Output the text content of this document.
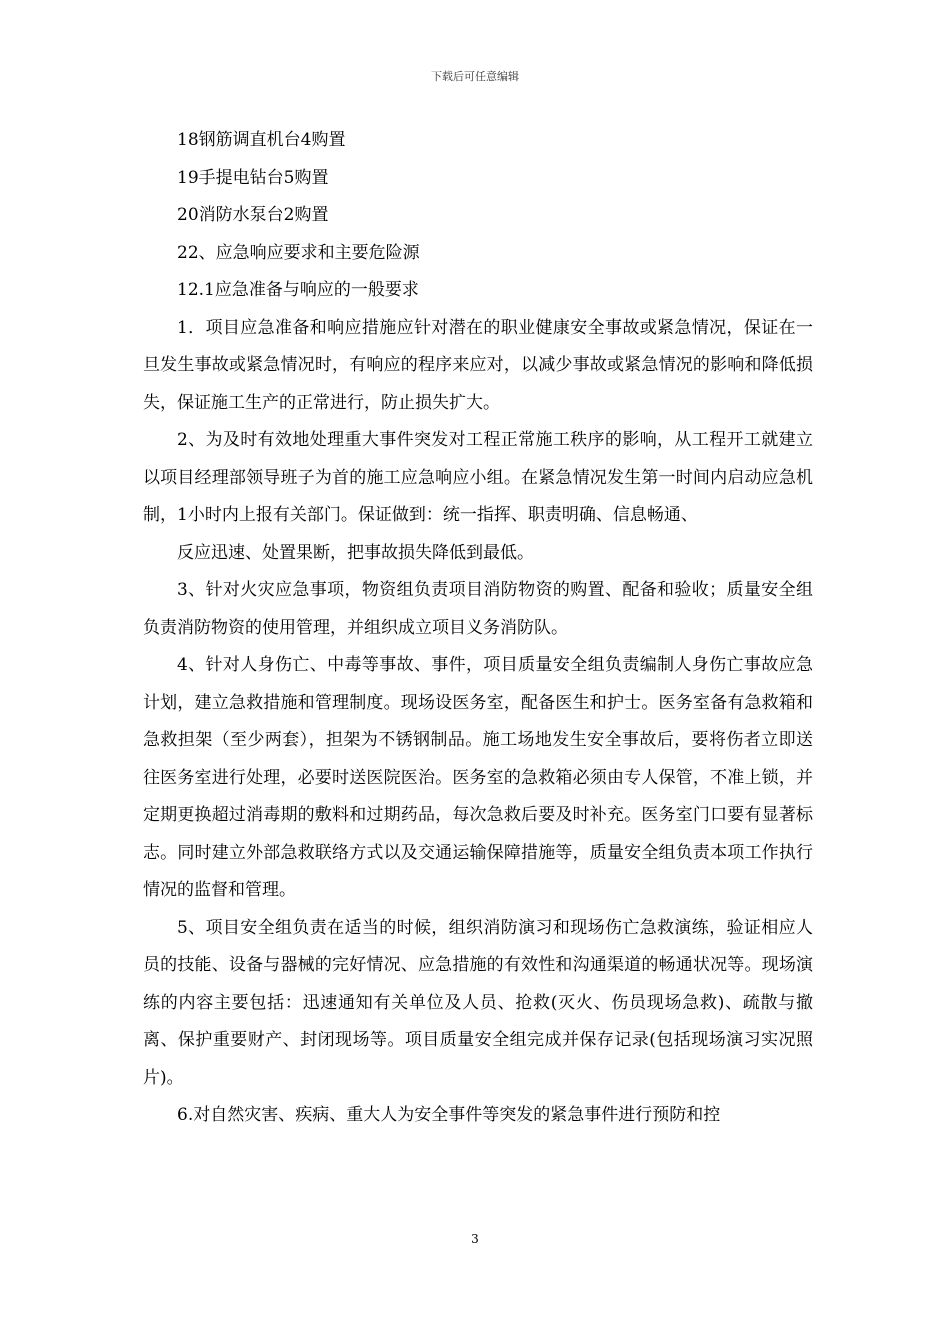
下载后可任意编辑

18钢筋调直机台4购置

19手提电钻台5购置

20消防水泵台2购置

22、应急响应要求和主要危险源

12.1应急准备与响应的一般要求

1．项目应急准备和响应措施应针对潜在的职业健康安全事故或紧急情况，保证在一旦发生事故或紧急情况时，有响应的程序来应对，以减少事故或紧急情况的影响和降低损失，保证施工生产的正常进行，防止损失扩大。

2、为及时有效地处理重大事件突发对工程正常施工秩序的影响，从工程开工就建立以项目经理部领导班子为首的施工应急响应小组。在紧急情况发生第一时间内启动应急机制，1小时内上报有关部门。保证做到：统一指挥、职责明确、信息畅通、

反应迅速、处置果断，把事故损失降低到最低。

3、针对火灾应急事项，物资组负责项目消防物资的购置、配备和验收；质量安全组负责消防物资的使用管理，并组织成立项目义务消防队。

4、针对人身伤亡、中毒等事故、事件，项目质量安全组负责编制人身伤亡事故应急计划，建立急救措施和管理制度。现场设医务室，配备医生和护士。医务室备有急救箱和急救担架（至少两套），担架为不锈钢制品。施工场地发生安全事故后，要将伤者立即送往医务室进行处理，必要时送医院医治。医务室的急救箱必须由专人保管，不准上锁，并定期更换超过消毒期的敷料和过期药品，每次急救后要及时补充。医务室门口要有显著标志。同时建立外部急救联络方式以及交通运输保障措施等，质量安全组负责本项工作执行情况的监督和管理。

5、项目安全组负责在适当的时候，组织消防演习和现场伤亡急救演练，验证相应人员的技能、设备与器械的完好情况、应急措施的有效性和沟通渠道的畅通状况等。现场演练的内容主要包括：迅速通知有关单位及人员、抢救(灭火、伤员现场急救)、疏散与撤离、保护重要财产、封闭现场等。项目质量安全组完成并保存记录(包括现场演习实况照片)。

6.对自然灾害、疾病、重大人为安全事件等突发的紧急事件进行预防和控

3
